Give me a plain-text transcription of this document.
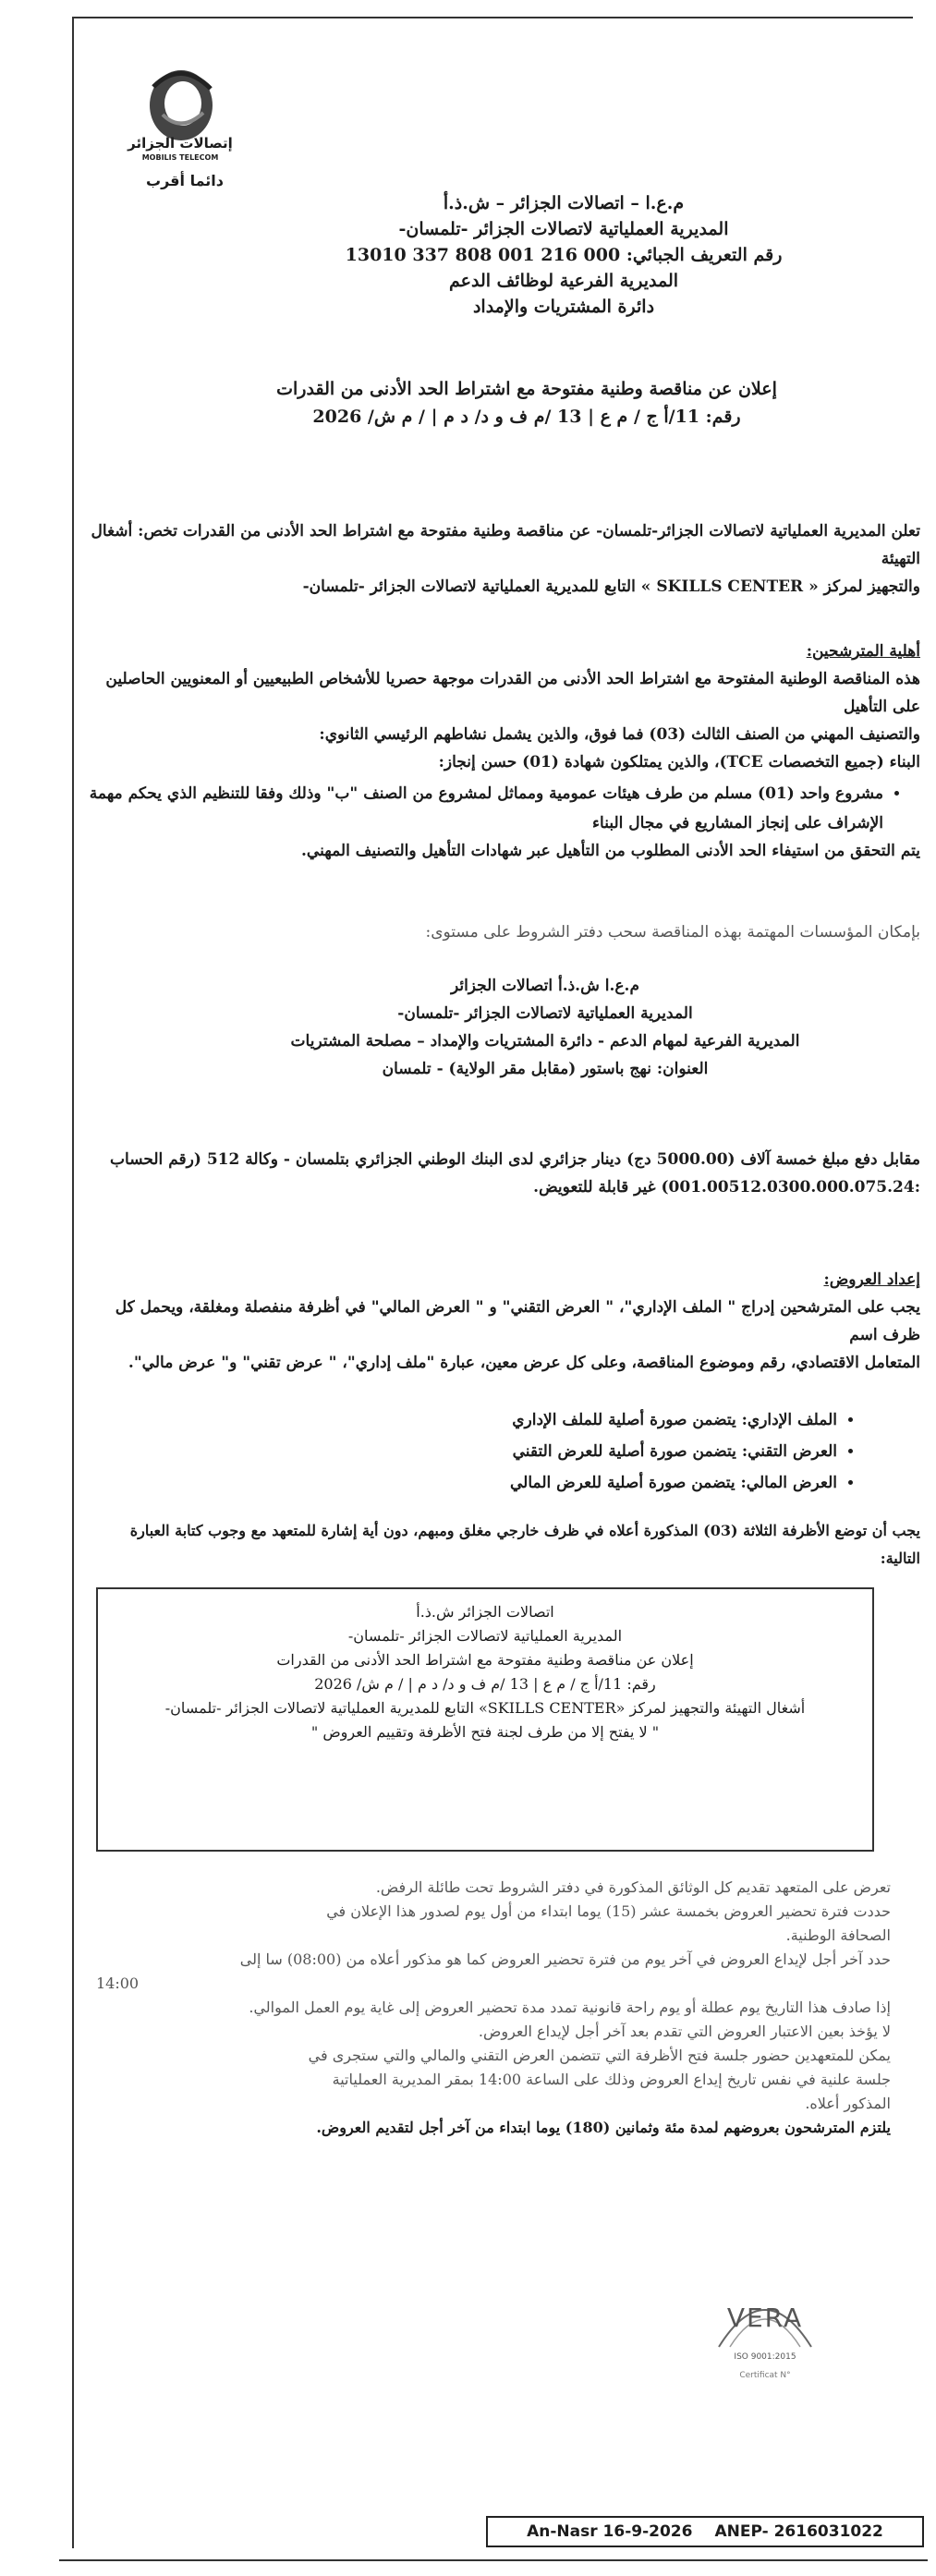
إتصالات الجزائر
MOBILIS TELECOM
دائما أقرب

م.ع.ا – اتصالات الجزائر – ش.ذ.أ

المديرية العملياتية لاتصالات الجزائر -تلمسان-

رقم التعريف الجبائي: 000 216 001 808 337 13010

المديرية الفرعية لوظائف الدعم

دائرة المشتريات والإمداد

إعلان عن مناقصة وطنية مفتوحة مع اشتراط الحد الأدنى من القدرات

رقم: 11/أ ج / م ع | 13 /م ف و د/ د م | / م ش/ 2026

تعلن المديرية العملياتية لاتصالات الجزائر-تلمسان- عن مناقصة وطنية مفتوحة مع اشتراط الحد الأدنى من القدرات تخص: أشغال التهيئة

والتجهيز لمركز « SKILLS CENTER » التابع للمديرية العملياتية لاتصالات الجزائر -تلمسان-

أهلية المترشحين:

هذه المناقصة الوطنية المفتوحة مع اشتراط الحد الأدنى من القدرات موجهة حصريا للأشخاص الطبيعيين أو المعنويين الحاصلين على التأهيل

والتصنيف المهني من الصنف الثالث (03) فما فوق، والذين يشمل نشاطهم الرئيسي الثانوي:

البناء (جميع التخصصات TCE)، والذين يمتلكون شهادة (01) حسن إنجاز:

• مشروع واحد (01) مسلم من طرف هيئات عمومية ومماثل لمشروع من الصنف "ب" وذلك وفقا للتنظيم الذي يحكم مهمة

الإشراف على إنجاز المشاريع في مجال البناء

يتم التحقق من استيفاء الحد الأدنى المطلوب من التأهيل عبر شهادات التأهيل والتصنيف المهني.

بإمكان المؤسسات المهتمة بهذه المناقصة سحب دفتر الشروط على مستوى:

م.ع.ا ش.ذ.أ اتصالات الجزائر

المديرية العملياتية لاتصالات الجزائر -تلمسان-

المديرية الفرعية لمهام الدعم - دائرة المشتريات والإمداد – مصلحة المشتريات

العنوان: نهج باستور (مقابل مقر الولاية) - تلمسان

مقابل دفع مبلغ خمسة آلاف (5000.00 دج) دينار جزائري لدى البنك الوطني الجزائري بتلمسان - وكالة 512 (رقم الحساب

:001.00512.0300.000.075.24) غير قابلة للتعويض.

إعداد العروض:

يجب على المترشحين إدراج " الملف الإداري"، " العرض التقني" و " العرض المالي" في أظرفة منفصلة ومغلقة، ويحمل كل ظرف اسم

المتعامل الاقتصادي، رقم وموضوع المناقصة، وعلى كل عرض معين، عبارة "ملف إداري"، " عرض تقني" و" عرض مالي".

• الملف الإداري: يتضمن صورة أصلية للملف الإداري
• العرض التقني: يتضمن صورة أصلية للعرض التقني
• العرض المالي: يتضمن صورة أصلية للعرض المالي

يجب أن توضع الأظرفة الثلاثة (03) المذكورة أعلاه في ظرف خارجي مغلق ومبهم، دون أية إشارة للمتعهد مع وجوب كتابة العبارة التالية:

اتصالات الجزائر ش.ذ.أ

المديرية العملياتية لاتصالات الجزائر -تلمسان-

إعلان عن مناقصة وطنية مفتوحة مع اشتراط الحد الأدنى من القدرات

رقم: 11/أ ج / م ع | 13 /م ف و د/ د م | / م ش/ 2026

أشغال التهيئة والتجهيز لمركز «SKILLS CENTER» التابع للمديرية العملياتية لاتصالات الجزائر -تلمسان-

" لا يفتح إلا من طرف لجنة فتح الأظرفة وتقييم العروض "

تعرض على المتعهد تقديم كل الوثائق المذكورة في دفتر الشروط تحت طائلة الرفض.

حددت فترة تحضير العروض بخمسة عشر (15) يوما ابتداء من أول يوم لصدور هذا الإعلان في

الصحافة الوطنية.

حدد آخر أجل لإيداع العروض في آخر يوم من فترة تحضير العروض كما هو مذكور أعلاه من (08:00) سا إلى

14:00

إذا صادف هذا التاريخ يوم عطلة أو يوم راحة قانونية تمدد مدة تحضير العروض إلى غاية يوم العمل الموالي.

لا يؤخذ بعين الاعتبار العروض التي تقدم بعد آخر أجل لإيداع العروض.

يمكن للمتعهدين حضور جلسة فتح الأظرفة التي تتضمن العرض التقني والمالي والتي ستجرى في

جلسة علنية في نفس تاريخ إيداع العروض وذلك على الساعة 14:00 بمقر المديرية العملياتية

المذكور أعلاه.

يلتزم المترشحون بعروضهم لمدة مئة وثمانين (180) يوما ابتداء من آخر أجل لتقديم العروض.

VERA
ISO 9001:2015
Certificat N°
An-Nasr 16-9-2026 ANEP- 2616031022
